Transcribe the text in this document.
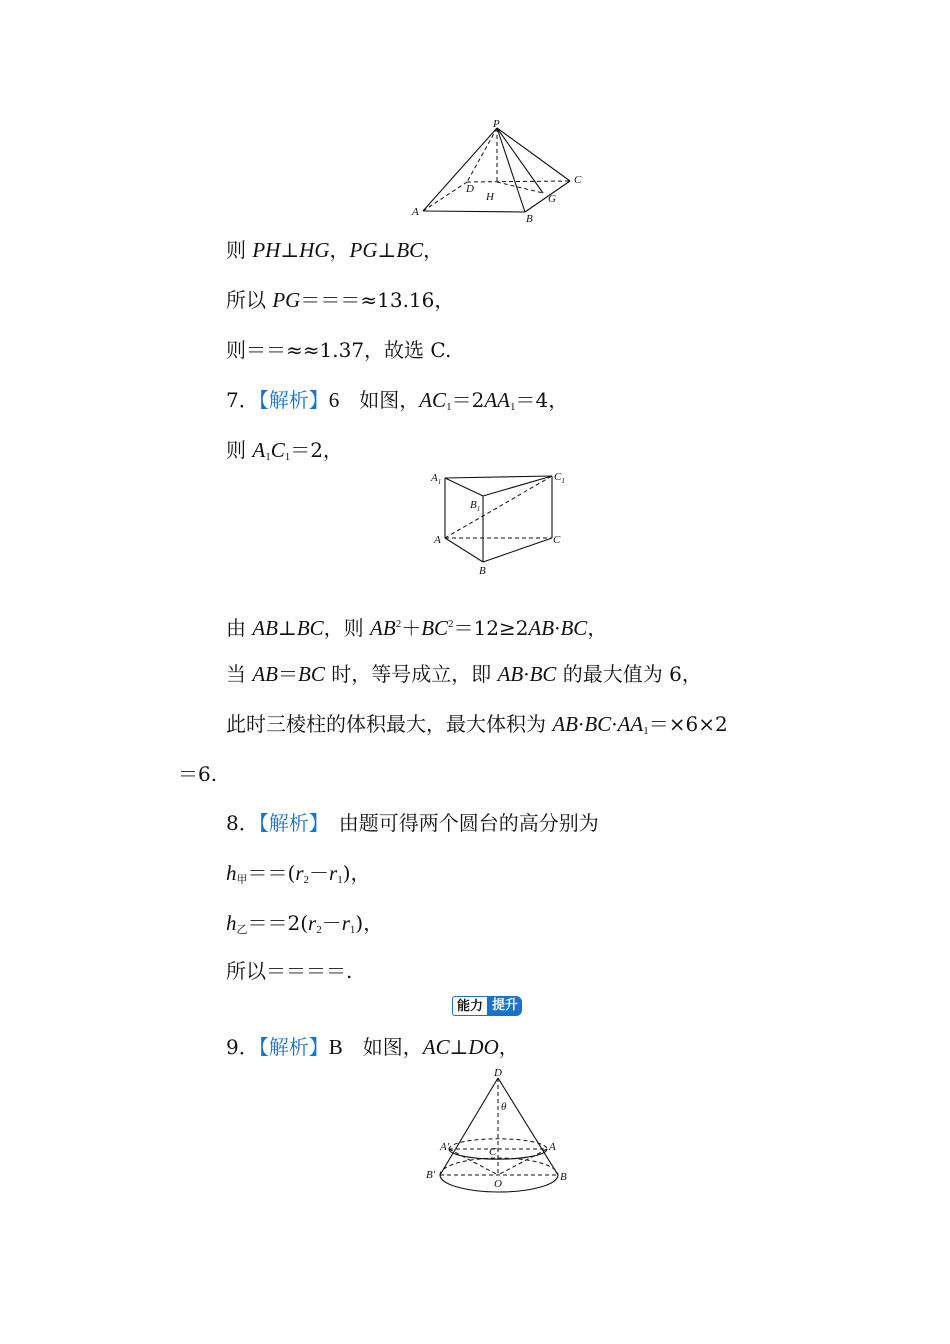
P
D
C
H	G
A
B
则 PH⊥HG，PG⊥BC，
所以 PG＝＝＝≈13.16，
则＝＝≈≈1.37，故选 C.
7．【解析】6　如图，$AC_1=2AA_1=4$，
则 $A_1C_1=2$，
$A_1$	$C_1$
$B_1$
A	C
B
由 AB⊥BC，则 $AB^2+BC^2=12\ge 2AB\cdot BC$，
当 AB＝BC 时，等号成立，即 AB·BC 的最大值为 6，
此时三棱柱的体积最大，最大体积为 $AB\cdot BC\cdot AA_1=\times 6\times 2$
＝6.
8．【解析】　由题可得两个圆台的高分别为
$h_甲==(r_2-r_1)$，
$h_乙==2(r_2-r_1)$，
所以＝＝＝＝.
能力 提升
9．【解析】B　如图，AC⊥DO，
D
θ
A′	A
C
B′
O
B
